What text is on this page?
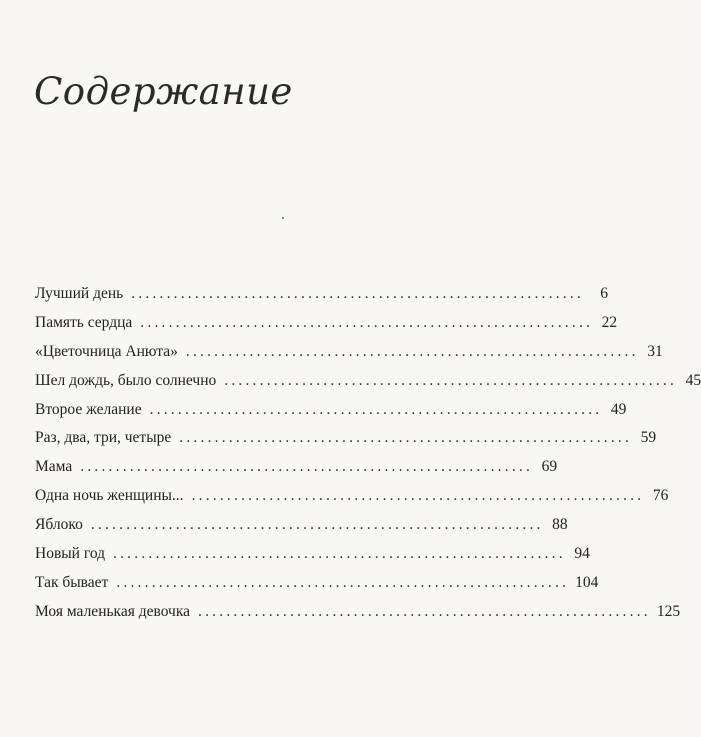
Содержание
Лучший день ................................................................	6
Память сердца ................................................................ 22
«Цветочница Анюта» ................................................................ 31
Шел дождь, было солнечно ................................................................ 45
Второе желание ................................................................ 49
Раз, два, три, четыре ................................................................ 59
Мама ................................................................ 69
Одна ночь женщины... ................................................................ 76
Яблоко ................................................................ 88
Новый год ................................................................ 94
Так бывает ................................................................ 104
Моя маленькая девочка ................................................................ 125
